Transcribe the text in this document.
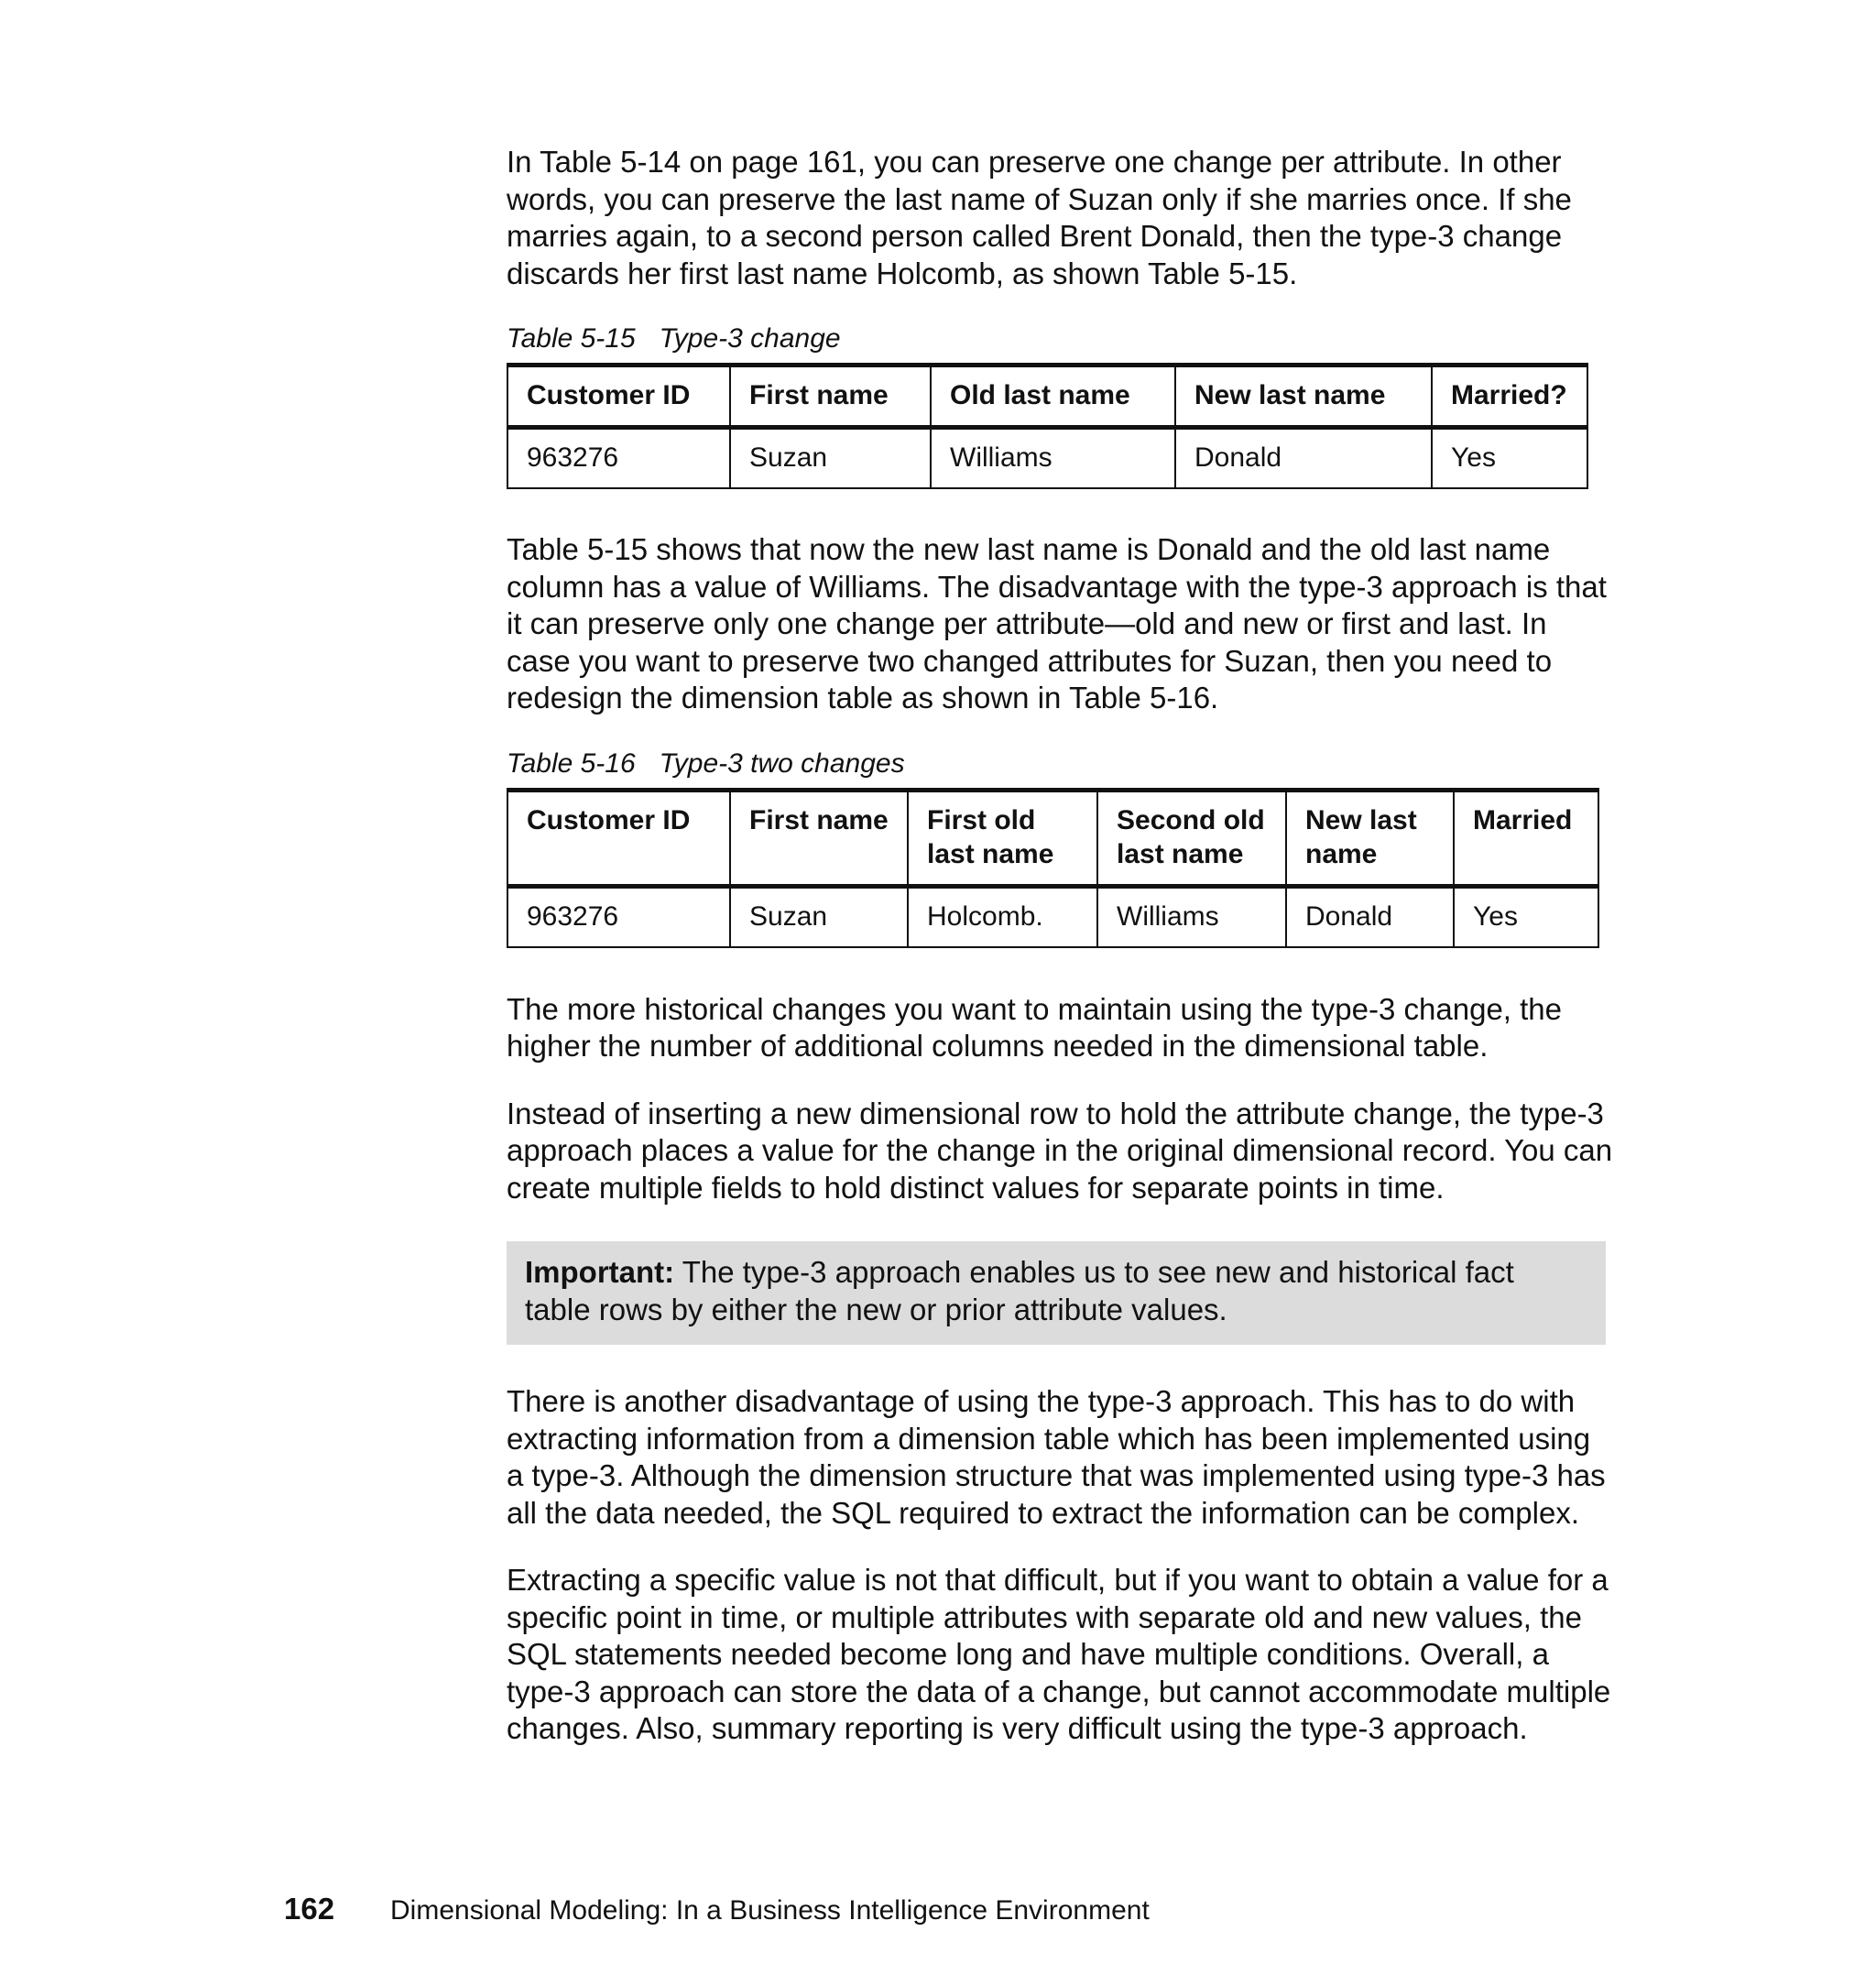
In Table 5-14 on page 161, you can preserve one change per attribute. In other words, you can preserve the last name of Suzan only if she marries once. If she marries again, to a second person called Brent Donald, then the type-3 change discards her first last name Holcomb, as shown Table 5-15.

Table 5-15 Type-3 change

Customer ID	First name	Old last name	New last name	Married?
963276	Suzan	Williams	Donald	Yes

Table 5-15 shows that now the new last name is Donald and the old last name column has a value of Williams. The disadvantage with the type-3 approach is that it can preserve only one change per attribute—old and new or first and last. In case you want to preserve two changed attributes for Suzan, then you need to redesign the dimension table as shown in Table 5-16.

Table 5-16 Type-3 two changes

Customer ID	First name	First old last name	Second old last name	New last name	Married
963276	Suzan	Holcomb.	Williams	Donald	Yes

The more historical changes you want to maintain using the type-3 change, the higher the number of additional columns needed in the dimensional table.

Instead of inserting a new dimensional row to hold the attribute change, the type-3 approach places a value for the change in the original dimensional record. You can create multiple fields to hold distinct values for separate points in time.

Important: The type-3 approach enables us to see new and historical fact table rows by either the new or prior attribute values.

There is another disadvantage of using the type-3 approach. This has to do with extracting information from a dimension table which has been implemented using a type-3. Although the dimension structure that was implemented using type-3 has all the data needed, the SQL required to extract the information can be complex.

Extracting a specific value is not that difficult, but if you want to obtain a value for a specific point in time, or multiple attributes with separate old and new values, the SQL statements needed become long and have multiple conditions. Overall, a type-3 approach can store the data of a change, but cannot accommodate multiple changes. Also, summary reporting is very difficult using the type-3 approach.

162 Dimensional Modeling: In a Business Intelligence Environment
